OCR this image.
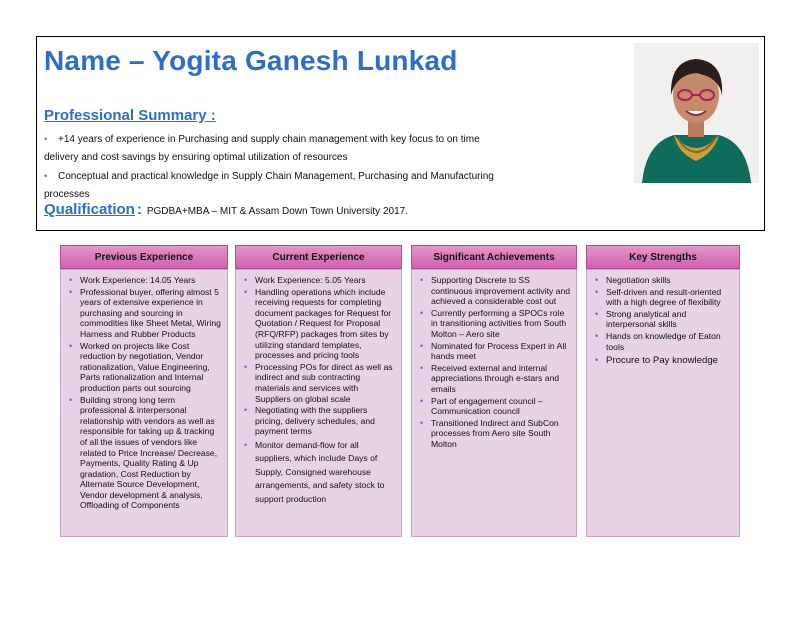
Name – Yogita Ganesh Lunkad
Professional Summary :
• +14 years of experience in Purchasing and supply chain management with key focus to on time delivery and cost savings by ensuring optimal utilization of resources
• Conceptual and practical knowledge in Supply Chain Management, Purchasing and Manufacturing processes
Qualification : PGDBA+MBA – MIT & Assam Down Town University 2017.
Previous Experience
• Work Experience: 14.05 Years
• Professional buyer, offering almost 5 years of extensive experience in purchasing and sourcing in commodities like Sheet Metal, Wiring Harness and Rubber Products
• Worked on projects like Cost reduction by negotiation, Vendor rationalization, Value Engineering, Parts rationalization and Internal production parts out sourcing
• Building strong long term professional & interpersonal relationship with vendors as well as responsible for taking up & tracking of all the issues of vendors like related to Price Increase/ Decrease, Payments, Quality Rating & Up gradation, Cost Reduction by Alternate Source Development, Vendor development & analysis, Offloading of Components
Current Experience
• Work Experience: 5.05 Years
• Handling operations which include receiving requests for completing document packages for Request for Quotation / Request for Proposal (RFQ/RFP) packages from sites by utilizing standard templates, processes and pricing tools
• Processing POs for direct as well as indirect and sub contracting materials and services with Suppliers on global scale
• Negotiating with the suppliers pricing, delivery schedules, and payment terms
• Monitor demand-flow for all suppliers, which include Days of Supply, Consigned warehouse arrangements, and safety stock to support production
Significant Achievements
• Supporting Discrete to SS continuous improvement activity and achieved a considerable cost out
• Currently performing a SPOCs role in transitioning activities from South Molton – Aero site
• Nominated for Process Expert in All hands meet
• Received external and internal appreciations through e-stars and emails
• Part of engagement council – Communication council
• Transitioned Indirect and SubCon processes from Aero site South Molton
Key Strengths
• Negotiation skills
• Self-driven and result-oriented with a high degree of flexibility
• Strong analytical and interpersonal skills
• Hands on knowledge of Eaton tools
• Procure to Pay knowledge
